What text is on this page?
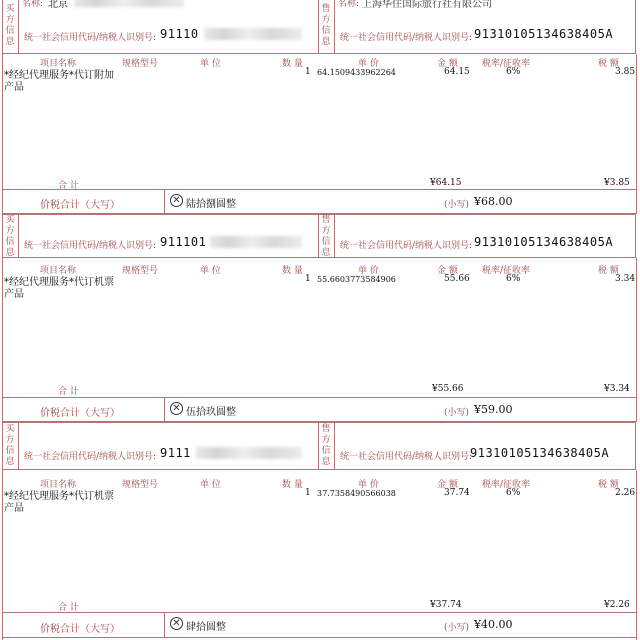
买方信息
售方信息
名称: 北京	名称: 上海华住国际旅行社有限公司
统一社会信用代码/纳税人识别号: 91110	统一社会信用代码/纳税人识别号: 91310105134638405A
项目名称	规格型号	单 位	数 量	单 价	金 额	税率/征收率	税 额
*经纪代理服务*代订附加
产品
1 64.1509433962264	64.15	6%	3.85
合 计	¥64.15	¥3.85
价税合计（大写）	✕ 陆拾捌圆整	(小写) ¥68.00
买方信息
售方信息
统一社会信用代码/纳税人识别号: 911101	统一社会信用代码/纳税人识别号: 91310105134638405A
项目名称	规格型号	单 位	数 量	单 价	金 额	税率/征收率	税 额
*经纪代理服务*代订机票
产品
1 55.6603773584906	55.66	6%	3.34
合 计	¥55.66	¥3.34
价税合计（大写）	✕ 伍拾玖圆整	(小写) ¥59.00
买方信息
售方信息
统一社会信用代码/纳税人识别号: 9111	统一社会信用代码/纳税人识别号:
91310105134638405A
项目名称	规格型号	单 位	数 量	单 价	金 额	税率/征收率	税 额
*经纪代理服务*代订机票
产品
1 37.7358490566038	37.74	6%	2.26
合 计	¥37.74	¥2.26
价税合计（大写）
✕ 肆拾圆整	(小写) ¥40.00
